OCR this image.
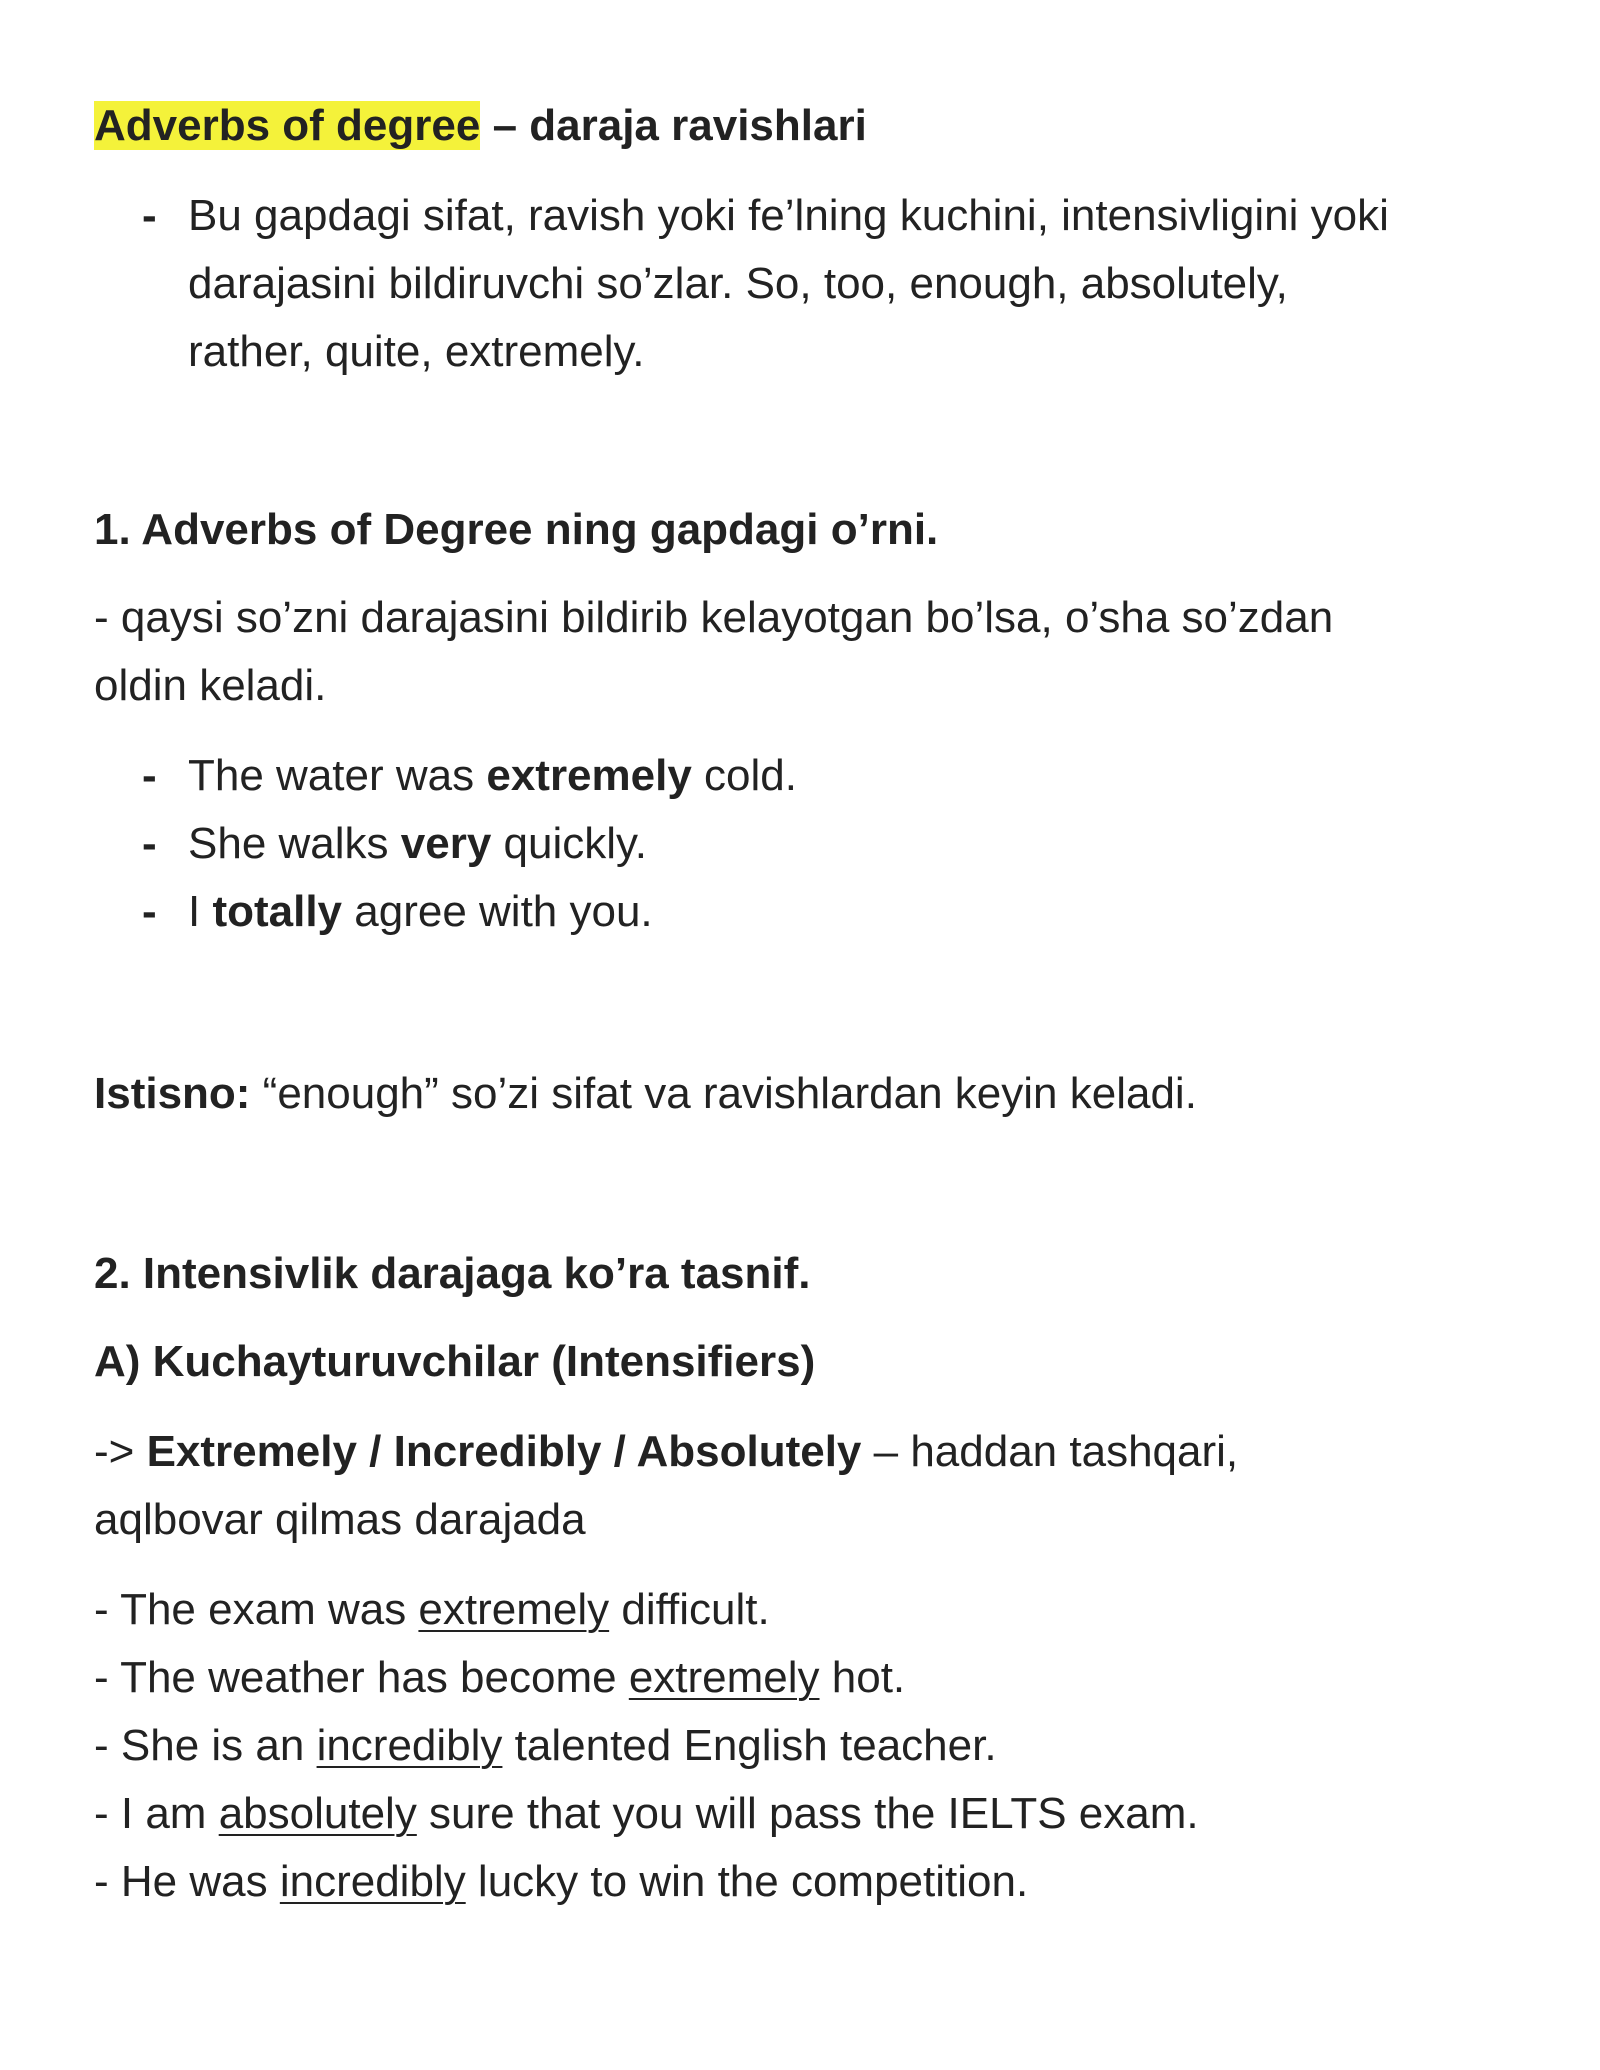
Adverbs of degree – daraja ravishlari
- Bu gapdagi sifat, ravish yoki fe’lning kuchini, intensivligini yoki
darajasini bildiruvchi so’zlar. So, too, enough, absolutely,
rather, quite, extremely.
1. Adverbs of Degree ning gapdagi o’rni.
- qaysi so’zni darajasini bildirib kelayotgan bo’lsa, o’sha so’zdan
oldin keladi.
- The water was extremely cold.
- She walks very quickly.
- I totally agree with you.
Istisno: “enough” so’zi sifat va ravishlardan keyin keladi.
2. Intensivlik darajaga ko’ra tasnif.
A) Kuchayturuvchilar (Intensifiers)
-> Extremely / Incredibly / Absolutely – haddan tashqari,
aqlbovar qilmas darajada
- The exam was extremely difficult.
- The weather has become extremely hot.
- She is an incredibly talented English teacher.
- I am absolutely sure that you will pass the IELTS exam.
- He was incredibly lucky to win the competition.
